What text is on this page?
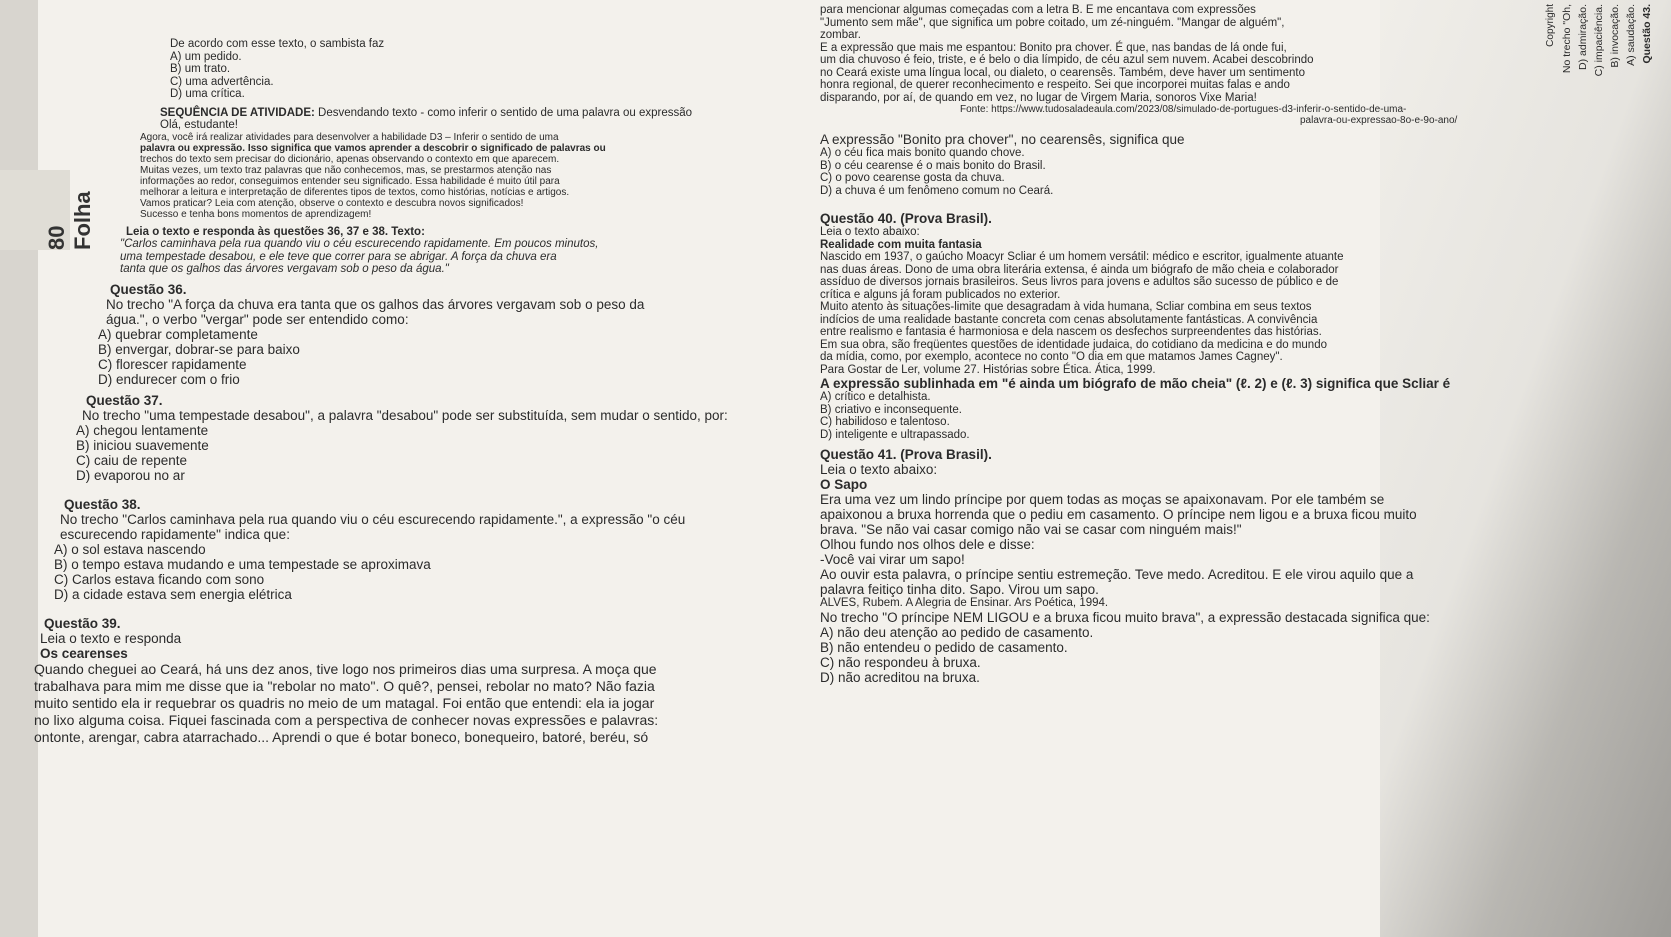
80 Folha

De acordo com esse texto, o sambista faz

A) um pedido.

B) um trato.

C) uma advertência.

D) uma crítica.

SEQUÊNCIA DE ATIVIDADE: Desvendando texto - como inferir o sentido de uma palavra ou expressão

Olá, estudante!

Agora, você irá realizar atividades para desenvolver a habilidade D3 – Inferir o sentido de uma

palavra ou expressão. Isso significa que vamos aprender a descobrir o significado de palavras ou

trechos do texto sem precisar do dicionário, apenas observando o contexto em que aparecem.

Muitas vezes, um texto traz palavras que não conhecemos, mas, se prestarmos atenção nas

informações ao redor, conseguimos entender seu significado. Essa habilidade é muito útil para

melhorar a leitura e interpretação de diferentes tipos de textos, como histórias, notícias e artigos.

Vamos praticar? Leia com atenção, observe o contexto e descubra novos significados!

Sucesso e tenha bons momentos de aprendizagem!

Leia o texto e responda às questões 36, 37 e 38. Texto:

"Carlos caminhava pela rua quando viu o céu escurecendo rapidamente. Em poucos minutos,

uma tempestade desabou, e ele teve que correr para se abrigar. A força da chuva era

tanta que os galhos das árvores vergavam sob o peso da água."

Questão 36.

No trecho "A força da chuva era tanta que os galhos das árvores vergavam sob o peso da água.", o verbo "vergar" pode ser entendido como:

A) quebrar completamente

B) envergar, dobrar-se para baixo

C) florescer rapidamente

D) endurecer com o frio

Questão 37.

No trecho "uma tempestade desabou", a palavra "desabou" pode ser substituída, sem mudar o sentido, por:

A) chegou lentamente

B) iniciou suavemente

C) caiu de repente

D) evaporou no ar

Questão 38.

No trecho "Carlos caminhava pela rua quando viu o céu escurecendo rapidamente.", a expressão "o céu escurecendo rapidamente" indica que:

A) o sol estava nascendo

B) o tempo estava mudando e uma tempestade se aproximava

C) Carlos estava ficando com sono

D) a cidade estava sem energia elétrica

Questão 39.

Leia o texto e responda

Os cearenses

Quando cheguei ao Ceará, há uns dez anos, tive logo nos primeiros dias uma surpresa. A moça que

trabalhava para mim me disse que ia "rebolar no mato". O quê?, pensei, rebolar no mato? Não fazia

muito sentido ela ir requebrar os quadris no meio de um matagal. Foi então que entendi: ela ia jogar

no lixo alguma coisa. Fiquei fascinada com a perspectiva de conhecer novas expressões e palavras:

ontonte, arengar, cabra atarrachado... Aprendi o que é botar boneco, bonequeiro, batoré, beréu, só

para mencionar algumas começadas com a letra B. E me encantava com expressões

"Jumento sem mãe", que significa um pobre coitado, um zé-ninguém. "Mangar de alguém",

zombar.

E a expressão que mais me espantou: Bonito pra chover. É que, nas bandas de lá onde fui,

um dia chuvoso é feio, triste, e é belo o dia límpido, de céu azul sem nuvem. Acabei descobrindo

no Ceará existe uma língua local, ou dialeto, o cearensês. Também, deve haver um sentimento

honra regional, de querer reconhecimento e respeito. Sei que incorporei muitas falas e ando

disparando, por aí, de quando em vez, no lugar de Virgem Maria, sonoros Vixe Maria!

Fonte: https://www.tudosaladeaula.com/2023/08/simulado-de-portugues-d3-inferir-o-sentido-de-uma-

palavra-ou-expressao-8o-e-9o-ano/

A expressão "Bonito pra chover", no cearensês, significa que

A) o céu fica mais bonito quando chove.

B) o céu cearense é o mais bonito do Brasil.

C) o povo cearense gosta da chuva.

D) a chuva é um fenômeno comum no Ceará.

Questão 40. (Prova Brasil).

Leia o texto abaixo:

Realidade com muita fantasia

Nascido em 1937, o gaúcho Moacyr Scliar é um homem versátil: médico e escritor, igualmente atuante

nas duas áreas. Dono de uma obra literária extensa, é ainda um biógrafo de mão cheia e colaborador

assíduo de diversos jornais brasileiros. Seus livros para jovens e adultos são sucesso de público e de

crítica e alguns já foram publicados no exterior.

Muito atento às situações-limite que desagradam à vida humana, Scliar combina em seus textos

indícios de uma realidade bastante concreta com cenas absolutamente fantásticas. A convivência

entre realismo e fantasia é harmoniosa e dela nascem os desfechos surpreendentes das histórias.

Em sua obra, são freqüentes questões de identidade judaica, do cotidiano da medicina e do mundo

da mídia, como, por exemplo, acontece no conto "O dia em que matamos James Cagney".

Para Gostar de Ler, volume 27. Histórias sobre Ética. Ática, 1999.

A expressão sublinhada em "é ainda um biógrafo de mão cheia" (ℓ. 2) e (ℓ. 3) significa que Scliar é

A) crítico e detalhista.

B) criativo e inconsequente.

C) habilidoso e talentoso.

D) inteligente e ultrapassado.

Questão 41. (Prova Brasil).

Leia o texto abaixo:

O Sapo

Era uma vez um lindo príncipe por quem todas as moças se apaixonavam. Por ele também se

apaixonou a bruxa horrenda que o pediu em casamento. O príncipe nem ligou e a bruxa ficou muito

brava. "Se não vai casar comigo não vai se casar com ninguém mais!"

Olhou fundo nos olhos dele e disse:

-Você vai virar um sapo!

Ao ouvir esta palavra, o príncipe sentiu estremeção. Teve medo. Acreditou. E ele virou aquilo que a

palavra feitiço tinha dito. Sapo. Virou um sapo.

ALVES, Rubem. A Alegria de Ensinar. Ars Poética, 1994.

No trecho "O príncipe NEM LIGOU e a bruxa ficou muito brava", a expressão destacada significa que:

A) não deu atenção ao pedido de casamento.

B) não entendeu o pedido de casamento.

C) não respondeu à bruxa.

D) não acreditou na bruxa.

Questão 43.
A) saudação.
B) invocação.
C) impaciência.
D) admiração.
No trecho "Oh,
Copyright
